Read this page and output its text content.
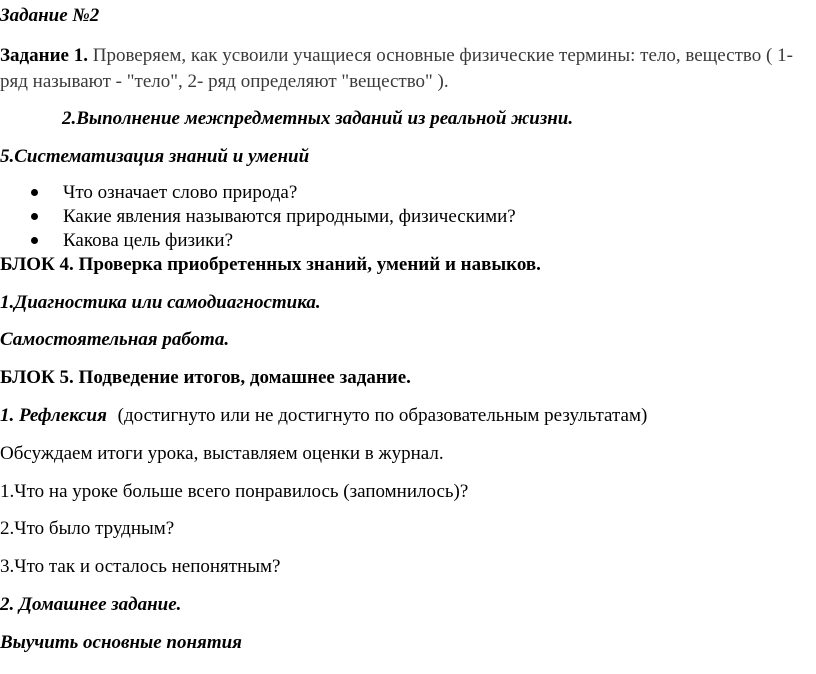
Задание №2
Задание 1. Проверяем, как усвоили учащиеся основные физические термины: тело, вещество ( 1-
ряд называют - "тело", 2- ряд определяют "вещество" ).
2.Выполнение межпредметных заданий из реальной жизни.
5.Систематизация знаний и умений
Что означает слово природа?
Какие явления называются природными, физическими?
Какова цель физики?
БЛОК 4. Проверка приобретенных знаний, умений и навыков.
1.Диагностика или самодиагностика.
Самостоятельная работа.
БЛОК 5. Подведение итогов, домашнее задание.
1. Рефлексия (достигнуто или не достигнуто по образовательным результатам)
Обсуждаем итоги урока, выставляем оценки в журнал.
1.Что на уроке больше всего понравилось (запомнилось)?
2.Что было трудным?
3.Что так и осталось непонятным?
2. Домашнее задание.
Выучить основные понятия
